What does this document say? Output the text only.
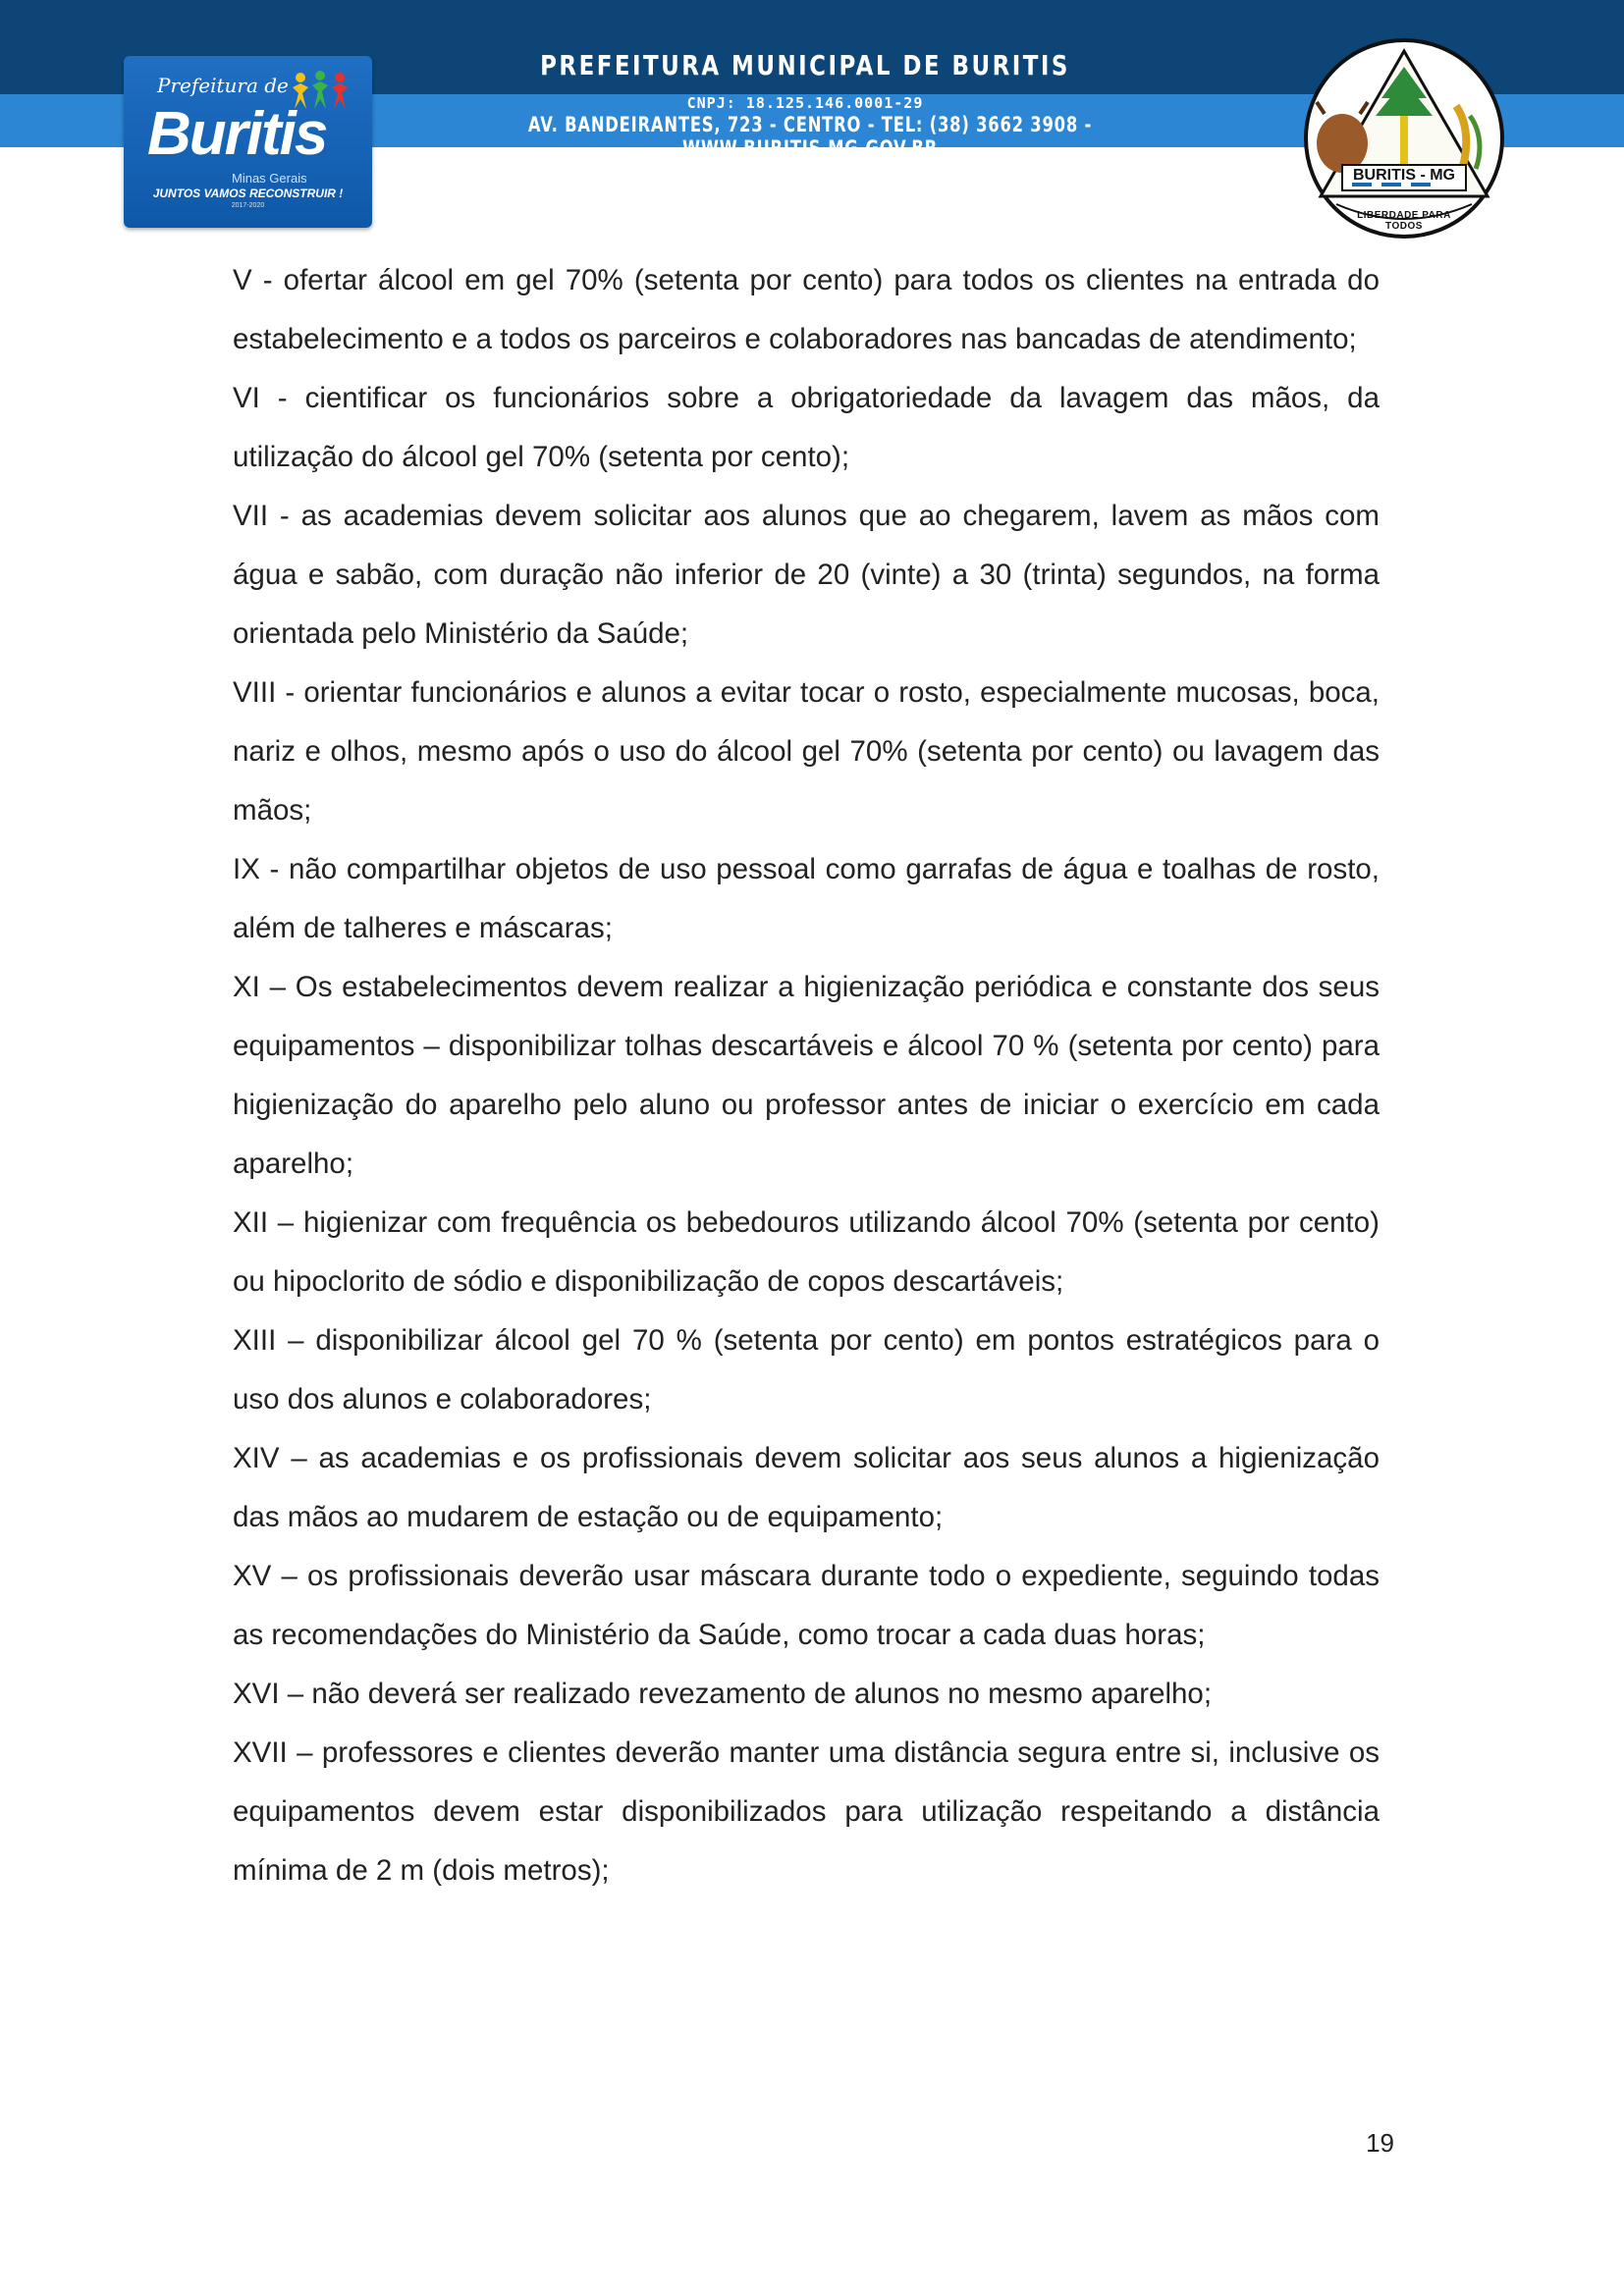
PREFEITURA MUNICIPAL DE BURITIS
CNPJ: 18.125.146.0001-29
AV. BANDEIRANTES, 723 - CENTRO - TEL: (38) 3662 3908 - WWW.BURITIS.MG.GOV.BR
Prefeitura de
Buritis
Minas Gerais
JUNTOS VAMOS RECONSTRUIR !
2017-2020
BURITIS - MG
LIBERDADE PARA TODOS

V - ofertar álcool em gel 70% (setenta por cento) para todos os clientes na entrada do estabelecimento e a todos os parceiros e colaboradores nas bancadas de atendimento;

VI - cientificar os funcionários sobre a obrigatoriedade da lavagem das mãos, da utilização do álcool gel 70% (setenta por cento);

VII - as academias devem solicitar aos alunos que ao chegarem, lavem as mãos com água e sabão, com duração não inferior de 20 (vinte) a 30 (trinta) segundos, na forma orientada pelo Ministério da Saúde;

VIII - orientar funcionários e alunos a evitar tocar o rosto, especialmente mucosas, boca, nariz e olhos, mesmo após o uso do álcool gel 70% (setenta por cento) ou lavagem das mãos;

IX - não compartilhar objetos de uso pessoal como garrafas de água e toalhas de rosto, além de talheres e máscaras;

XI – Os estabelecimentos devem realizar a higienização periódica e constante dos seus equipamentos – disponibilizar tolhas descartáveis e álcool 70 % (setenta por cento) para higienização do aparelho pelo aluno ou professor antes de iniciar o exercício em cada aparelho;

XII – higienizar com frequência os bebedouros utilizando álcool 70% (setenta por cento) ou hipoclorito de sódio e disponibilização de copos descartáveis;

XIII – disponibilizar álcool gel 70 % (setenta por cento) em pontos estratégicos para o uso dos alunos e colaboradores;

XIV – as academias e os profissionais devem solicitar aos seus alunos a higienização das mãos ao mudarem de estação ou de equipamento;

XV – os profissionais deverão usar máscara durante todo o expediente, seguindo todas as recomendações do Ministério da Saúde, como trocar a cada duas horas;

XVI – não deverá ser realizado revezamento de alunos no mesmo aparelho;

XVII – professores e clientes deverão manter uma distância segura entre si, inclusive os equipamentos devem estar disponibilizados para utilização respeitando a distância mínima de 2 m (dois metros);

19
